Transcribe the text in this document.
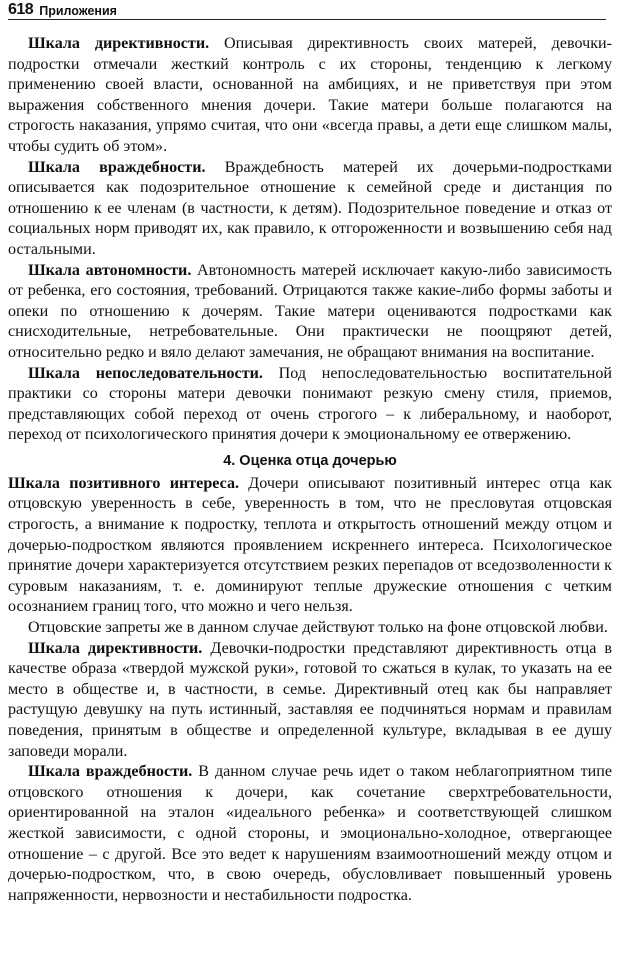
618 Приложения

Шкала директивности. Описывая директивность своих матерей, девочки-подростки отмечали жесткий контроль с их стороны, тенденцию к легкому применению своей власти, основанной на амбициях, и не приветствуя при этом выражения собственного мнения дочери. Такие матери больше полагаются на строгость наказания, упрямо считая, что они «всегда правы, а дети еще слишком малы, чтобы судить об этом».

Шкала враждебности. Враждебность матерей их дочерьми-подростками описывается как подозрительное отношение к семейной среде и дистанция по отношению к ее членам (в частности, к детям). Подозрительное поведение и отказ от социальных норм приводят их, как правило, к отгороженности и возвышению себя над остальными.

Шкала автономности. Автономность матерей исключает какую-либо зависимость от ребенка, его состояния, требований. Отрицаются также какие-либо формы заботы и опеки по отношению к дочерям. Такие матери оцениваются подростками как снисходительные, нетребовательные. Они практически не поощряют детей, относительно редко и вяло делают замечания, не обращают внимания на воспитание.

Шкала непоследовательности. Под непоследовательностью воспитательной практики со стороны матери девочки понимают резкую смену стиля, приемов, представляющих собой переход от очень строгого – к либеральному, и наоборот, переход от психологического принятия дочери к эмоциональному ее отвержению.

4. Оценка отца дочерью

Шкала позитивного интереса. Дочери описывают позитивный интерес отца как отцовскую уверенность в себе, уверенность в том, что не пресловутая отцовская строгость, а внимание к подростку, теплота и открытость отношений между отцом и дочерью-подростком являются проявлением искреннего интереса. Психологическое принятие дочери характеризуется отсутствием резких перепадов от вседозволенности к суровым наказаниям, т. е. доминируют теплые дружеские отношения с четким осознанием границ того, что можно и чего нельзя.

Отцовские запреты же в данном случае действуют только на фоне отцовской любви.

Шкала директивности. Девочки-подростки представляют директивность отца в качестве образа «твердой мужской руки», готовой то сжаться в кулак, то указать на ее место в обществе и, в частности, в семье. Директивный отец как бы направляет растущую девушку на путь истинный, заставляя ее подчиняться нормам и правилам поведения, принятым в обществе и определенной культуре, вкладывая в ее душу заповеди морали.

Шкала враждебности. В данном случае речь идет о таком неблагоприятном типе отцовского отношения к дочери, как сочетание сверхтребовательности, ориентированной на эталон «идеального ребенка» и соответствующей слишком жесткой зависимости, с одной стороны, и эмоционально-холодное, отвергающее отношение – с другой. Все это ведет к нарушениям взаимоотношений между отцом и дочерью-подростком, что, в свою очередь, обусловливает повышенный уровень напряженности, нервозности и нестабильности подростка.
